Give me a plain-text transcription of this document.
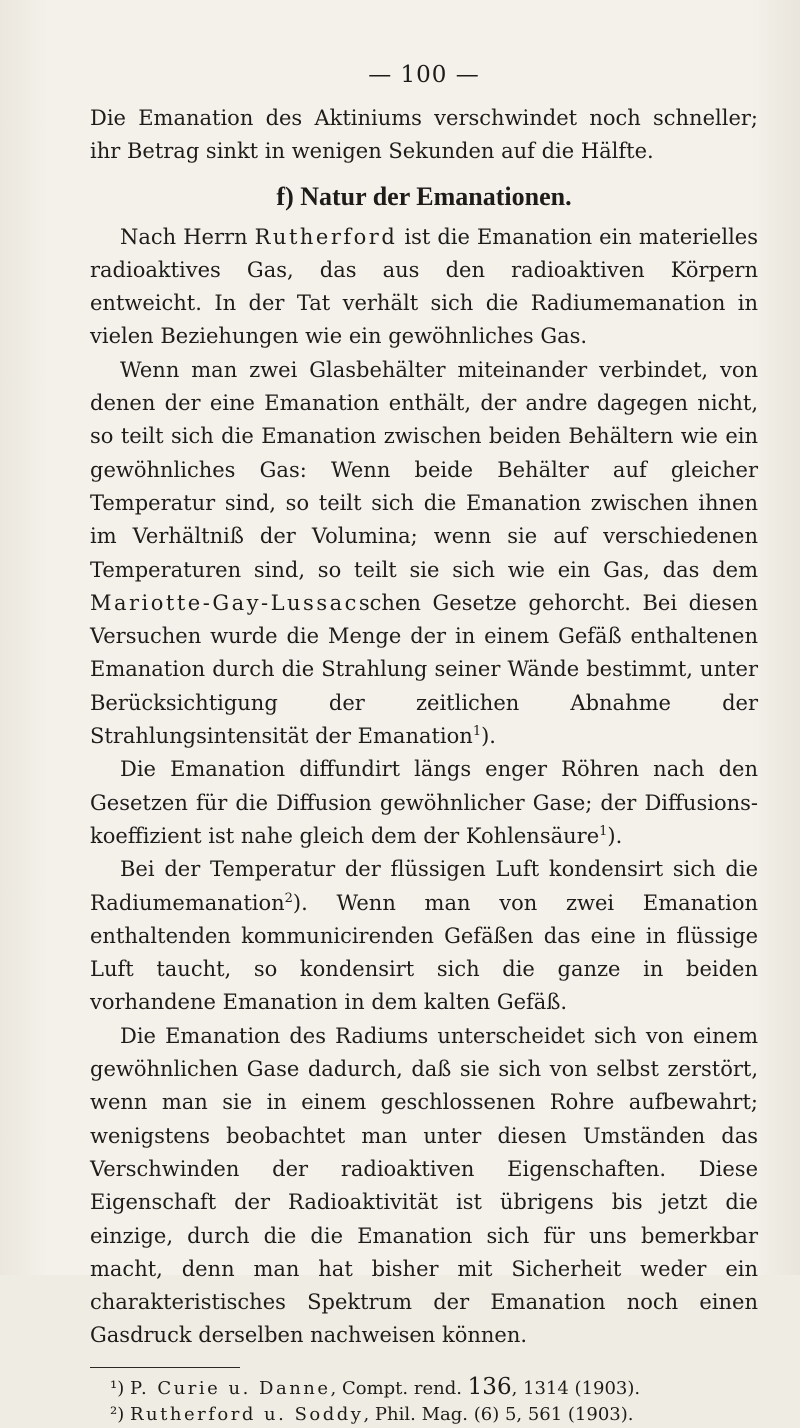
— 100 —

Die Emanation des Aktiniums verschwindet noch schneller;

ihr Betrag sinkt in wenigen Sekunden auf die Hälfte.

f) Natur der Emanationen.

Nach Herrn Rutherford ist die Emanation ein materielles radioaktives Gas, das aus den radioaktiven Körpern entweicht. In der Tat verhält sich die Radiumemanation in vielen Beziehungen wie ein gewöhnliches Gas.

Wenn man zwei Glasbehälter miteinander verbindet, von denen der eine Emanation enthält, der andre dagegen nicht, so teilt sich die Emanation zwischen beiden Behältern wie ein gewöhnliches Gas: Wenn beide Behälter auf gleicher Temperatur sind, so teilt sich die Emanation zwischen ihnen im Verhältniß der Volumina; wenn sie auf verschiedenen Temperaturen sind, so teilt sie sich wie ein Gas, das dem Mariotte-Gay-Lussacschen Gesetze gehorcht. Bei diesen Versuchen wurde die Menge der in einem Gefäß enthaltenen Emanation durch die Strahlung seiner Wände bestimmt, unter Berücksichtigung der zeitlichen Abnahme der Strahlungsintensität der Emanation$^1$).

Die Emanation diffundirt längs enger Röhren nach den Gesetzen für die Diffusion gewöhnlicher Gase; der Diffusions-koeffizient ist nahe gleich dem der Kohlensäure$^1$).

Bei der Temperatur der flüssigen Luft kondensirt sich die Radiumemanation$^2$). Wenn man von zwei Emanation enthaltenden kommunicirenden Gefäßen das eine in flüssige Luft taucht, so kondensirt sich die ganze in beiden vorhandene Emanation in dem kalten Gefäß.

Die Emanation des Radiums unterscheidet sich von einem gewöhnlichen Gase dadurch, daß sie sich von selbst zerstört, wenn man sie in einem geschlossenen Rohre aufbewahrt; wenigstens beobachtet man unter diesen Umständen das Verschwinden der radioaktiven Eigenschaften. Diese Eigenschaft der Radioaktivität ist übrigens bis jetzt die einzige, durch die die Emanation sich für uns bemerkbar macht, denn man hat bisher mit Sicherheit weder ein charakteristisches Spektrum der Emanation noch einen Gasdruck derselben nachweisen können.

¹) P. Curie u. Danne, Compt. rend. 136, 1314 (1903).

²) Rutherford u. Soddy, Phil. Mag. (6) 5, 561 (1903).
